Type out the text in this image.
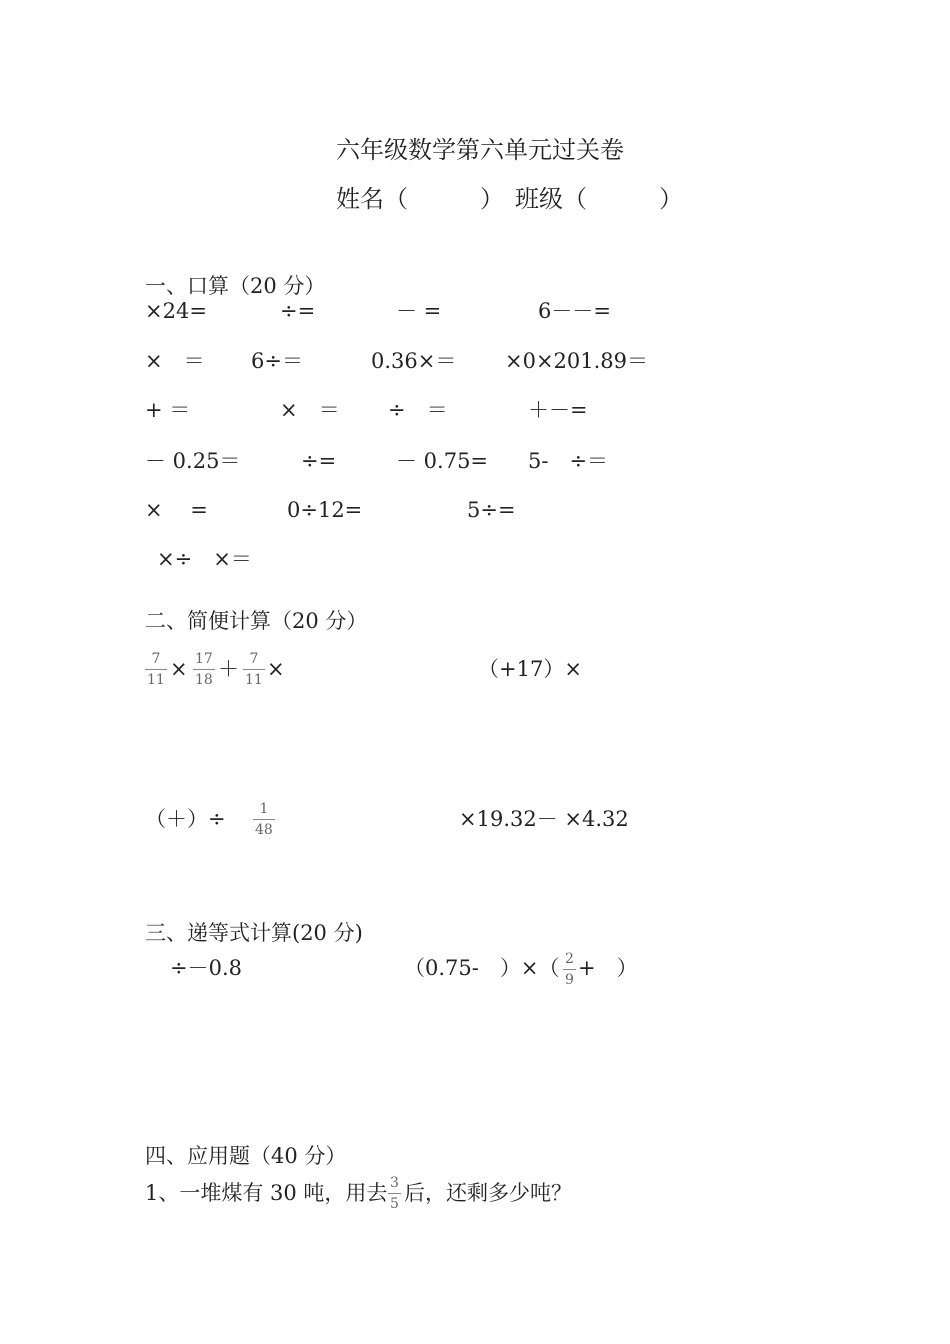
六年级数学第六单元过关卷
姓名（　　　） 班级（　　　）
一、口算（20 分）
×24=	÷=	－ =	6－－=
×　＝ 6÷＝	0.36×＝ ×0×201.89＝
+ ＝	×　＝ ÷　＝	＋－=
－ 0.25＝	÷=	－ 0.75= 5-　÷＝
×　 =	0÷12=	5÷=
×÷　×＝
二、简便计算（20 分）
7
11 × 17
18 ＋ 7
11 ×	（+17）×
（＋）÷ 1
48	×19.32－ ×4.32
三、递等式计算(20 分)
÷－0.8	（0.75-　）×（ 2
9 +　）
四、应用题（40 分）
1、一堆煤有 30 吨，用去 3
5 后，还剩多少吨？
